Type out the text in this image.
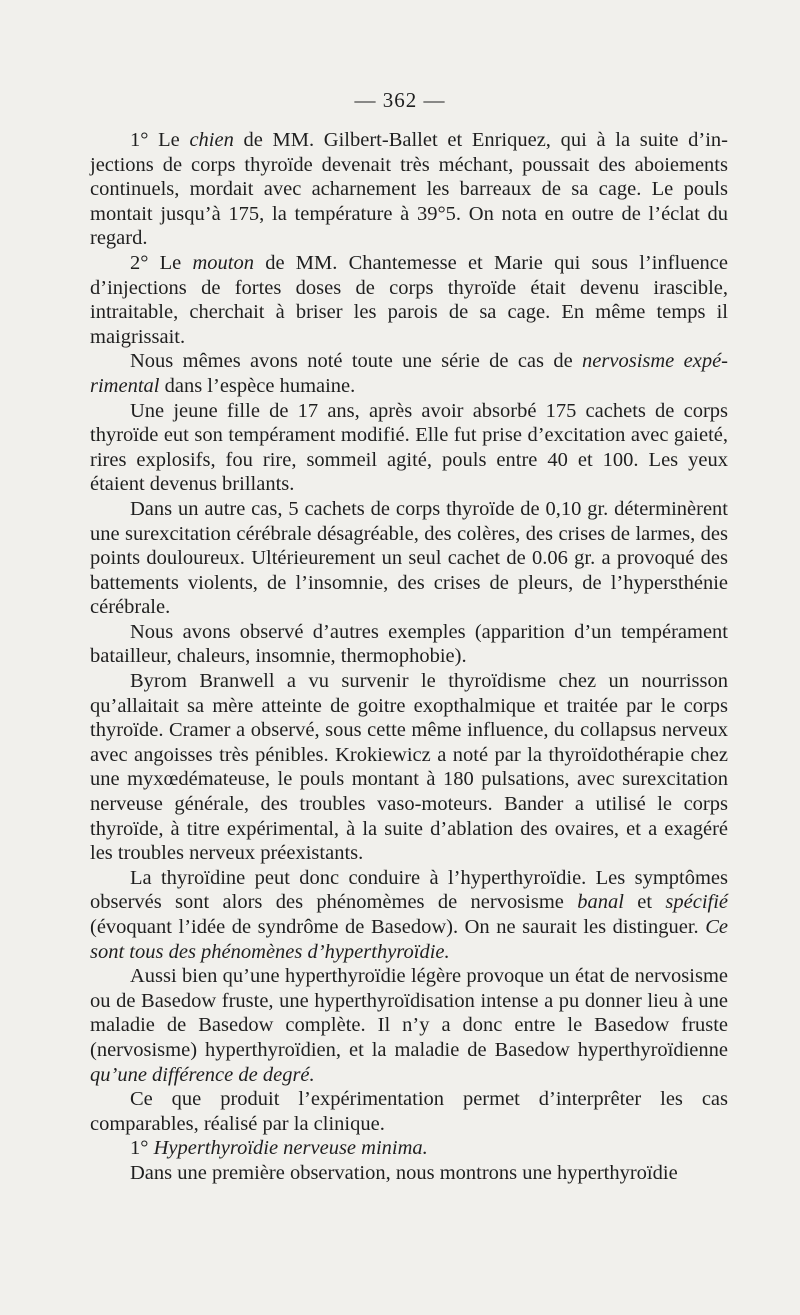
— 362 —

1° Le chien de MM. Gilbert-Ballet et Enriquez, qui à la suite d’injections de corps thyroïde devenait très méchant, poussait des aboiements continuels, mordait avec acharnement les barreaux de sa cage. Le pouls montait jusqu’à 175, la température à 39°5. On nota en outre de l’éclat du regard.

2° Le mouton de MM. Chantemesse et Marie qui sous l’influence d’injections de fortes doses de corps thyroïde était devenu irascible, intraitable, cherchait à briser les parois de sa cage. En même temps il maigrissait.

Nous mêmes avons noté toute une série de cas de nervosisme expérimental dans l’espèce humaine.

Une jeune fille de 17 ans, après avoir absorbé 175 cachets de corps thyroïde eut son tempérament modifié. Elle fut prise d’excitation avec gaieté, rires explosifs, fou rire, sommeil agité, pouls entre 40 et 100. Les yeux étaient devenus brillants.

Dans un autre cas, 5 cachets de corps thyroïde de 0,10 gr. déterminèrent une surexcitation cérébrale désagréable, des colères, des crises de larmes, des points douloureux. Ultérieurement un seul cachet de 0.06 gr. a provoqué des battements violents, de l’insomnie, des crises de pleurs, de l’hypersthénie cérébrale.

Nous avons observé d’autres exemples (apparition d’un tempérament batailleur, chaleurs, insomnie, thermophobie).

Byrom Branwell a vu survenir le thyroïdisme chez un nourrisson qu’allaitait sa mère atteinte de goitre exopthalmique et traitée par le corps thyroïde. Cramer a observé, sous cette même influence, du collapsus nerveux avec angoisses très pénibles. Krokiewicz a noté par la thyroïdothérapie chez une myxœdémateuse, le pouls montant à 180 pulsations, avec surexcitation nerveuse générale, des troubles vaso-moteurs. Bander a utilisé le corps thyroïde, à titre expérimental, à la suite d’ablation des ovaires, et a exagéré les troubles nerveux préexistants.

La thyroïdine peut donc conduire à l’hyperthyroïdie. Les symptômes observés sont alors des phénomèmes de nervosisme banal et spécifié (évoquant l’idée de syndrôme de Basedow). On ne saurait les distinguer. Ce sont tous des phénomènes d’hyperthyroïdie.

Aussi bien qu’une hyperthyroïdie légère provoque un état de nervosisme ou de Basedow fruste, une hyperthyroïdisation intense a pu donner lieu à une maladie de Basedow complète. Il n’y a donc entre le Basedow fruste (nervosisme) hyperthyroïdien, et la maladie de Basedow hyperthyroïdienne qu’une différence de degré.

Ce que produit l’expérimentation permet d’interprêter les cas comparables, réalisé par la clinique.

1° Hyperthyroïdie nerveuse minima.

Dans une première observation, nous montrons une hyperthyroïdie
